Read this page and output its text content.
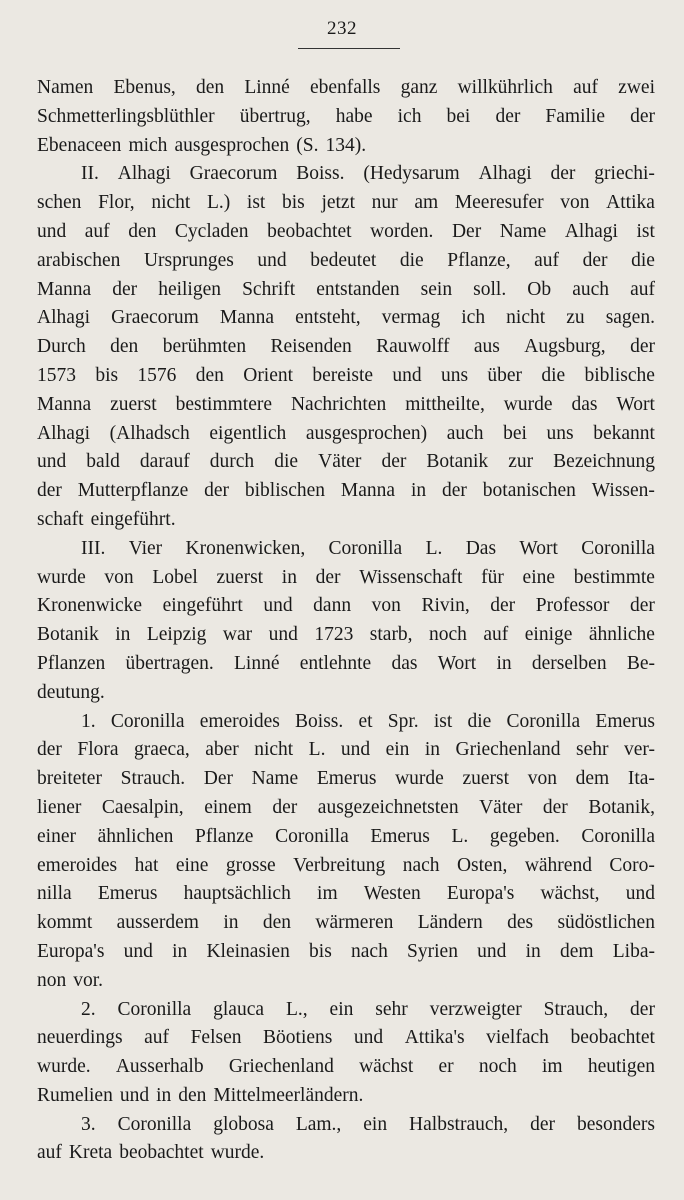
232
Namen Ebenus, den Linné ebenfalls ganz willkührlich auf zwei
Schmetterlingsblüthler übertrug, habe ich bei der Familie der
Ebenaceen mich ausgesprochen (S. 134).
II. Alhagi Graecorum Boiss. (Hedysarum Alhagi der griechi-
schen Flor, nicht L.) ist bis jetzt nur am Meeresufer von Attika
und auf den Cycladen beobachtet worden. Der Name Alhagi ist
arabischen Ursprunges und bedeutet die Pflanze, auf der die
Manna der heiligen Schrift entstanden sein soll. Ob auch auf
Alhagi Graecorum Manna entsteht, vermag ich nicht zu sagen.
Durch den berühmten Reisenden Rauwolff aus Augsburg, der
1573 bis 1576 den Orient bereiste und uns über die biblische
Manna zuerst bestimmtere Nachrichten mittheilte, wurde das Wort
Alhagi (Alhadsch eigentlich ausgesprochen) auch bei uns bekannt
und bald darauf durch die Väter der Botanik zur Bezeichnung
der Mutterpflanze der biblischen Manna in der botanischen Wissen-
schaft eingeführt.
III. Vier Kronenwicken, Coronilla L. Das Wort Coronilla
wurde von Lobel zuerst in der Wissenschaft für eine bestimmte
Kronenwicke eingeführt und dann von Rivin, der Professor der
Botanik in Leipzig war und 1723 starb, noch auf einige ähnliche
Pflanzen übertragen. Linné entlehnte das Wort in derselben Be-
deutung.
1. Coronilla emeroides Boiss. et Spr. ist die Coronilla Emerus
der Flora graeca, aber nicht L. und ein in Griechenland sehr ver-
breiteter Strauch. Der Name Emerus wurde zuerst von dem Ita-
liener Caesalpin, einem der ausgezeichnetsten Väter der Botanik,
einer ähnlichen Pflanze Coronilla Emerus L. gegeben. Coronilla
emeroides hat eine grosse Verbreitung nach Osten, während Coro-
nilla Emerus hauptsächlich im Westen Europa's wächst, und
kommt ausserdem in den wärmeren Ländern des südöstlichen
Europa's und in Kleinasien bis nach Syrien und in dem Liba-
non vor.
2. Coronilla glauca L., ein sehr verzweigter Strauch, der
neuerdings auf Felsen Böotiens und Attika's vielfach beobachtet
wurde. Ausserhalb Griechenland wächst er noch im heutigen
Rumelien und in den Mittelmeerländern.
3. Coronilla globosa Lam., ein Halbstrauch, der besonders
auf Kreta beobachtet wurde.
